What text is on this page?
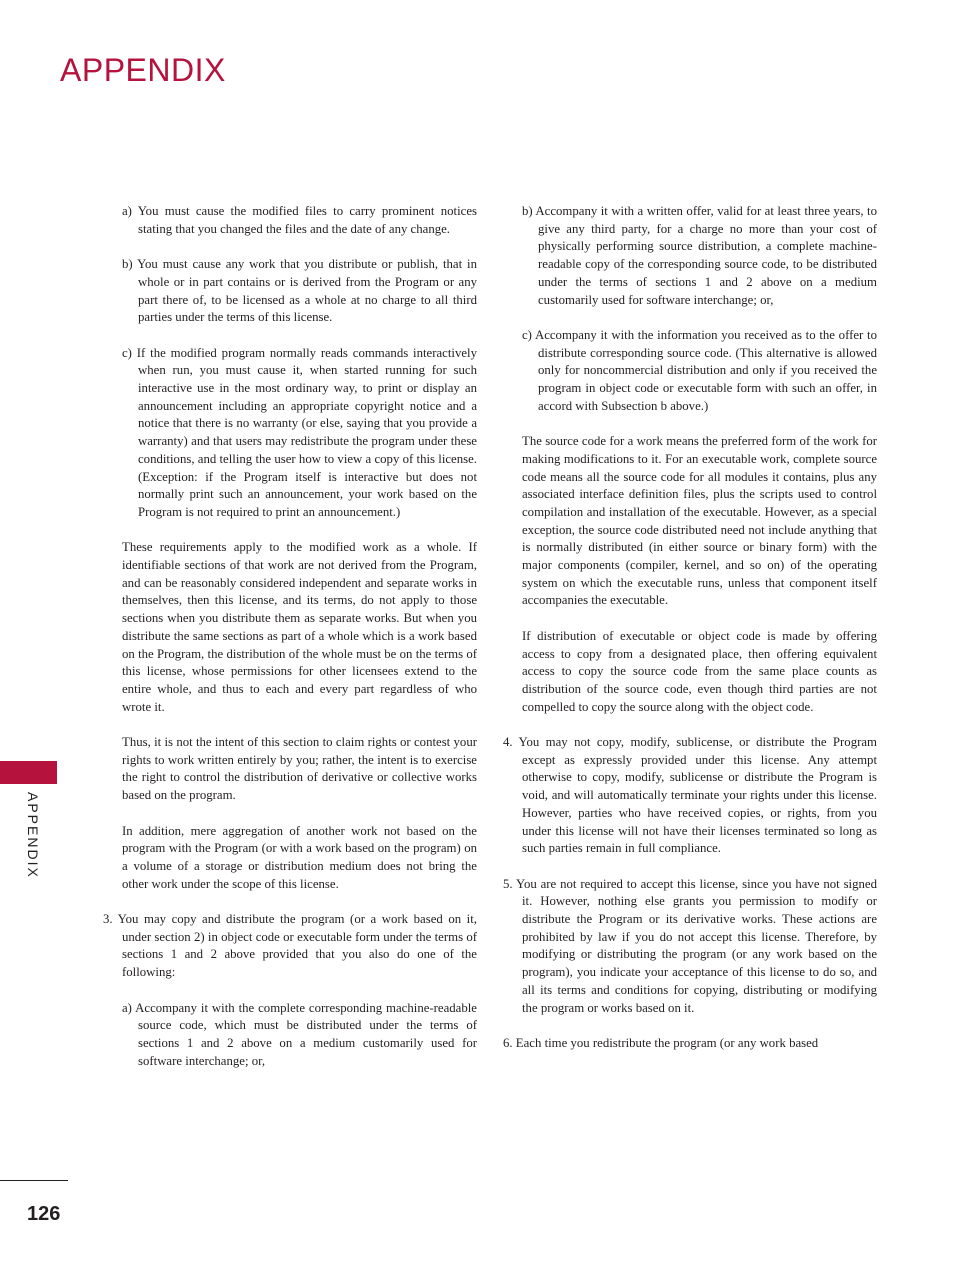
APPENDIX
APPENDIX

a) You must cause the modified files to carry prominent notices stating that you changed the files and the date of any change.

b) You must cause any work that you distribute or publish, that in whole or in part contains or is derived from the Program or any part there of, to be licensed as a whole at no charge to all third parties under the terms of this license.

c) If the modified program normally reads commands interactively when run, you must cause it, when started running for such interactive use in the most ordinary way, to print or display an announcement including an appropriate copyright notice and a notice that there is no warranty (or else, saying that you provide a warranty) and that users may redistribute the program under these conditions, and telling the user how to view a copy of this license. (Exception: if the Program itself is interactive but does not normally print such an announcement, your work based on the Program is not required to print an announcement.)

These requirements apply to the modified work as a whole. If identifiable sections of that work are not derived from the Program, and can be reasonably considered independent and separate works in themselves, then this license, and its terms, do not apply to those sections when you distribute them as separate works. But when you distribute the same sections as part of a whole which is a work based on the Program, the distribution of the whole must be on the terms of this license, whose permissions for other licensees extend to the entire whole, and thus to each and every part regardless of who wrote it.

Thus, it is not the intent of this section to claim rights or contest your rights to work written entirely by you; rather, the intent is to exercise the right to control the distribution of derivative or collective works based on the program.

In addition, mere aggregation of another work not based on the program with the Program (or with a work based on the program) on a volume of a storage or distribution medium does not bring the other work under the scope of this license.

3. You may copy and distribute the program (or a work based on it, under section 2) in object code or executable form under the terms of sections 1 and 2 above provided that you also do one of the following:

a) Accompany it with the complete corresponding machine-readable source code, which must be distributed under the terms of sections 1 and 2 above on a medium customarily used for software interchange; or,

b) Accompany it with a written offer, valid for at least three years, to give any third party, for a charge no more than your cost of physically performing source distribution, a complete machine-readable copy of the corresponding source code, to be distributed under the terms of sections 1 and 2 above on a medium customarily used for software interchange; or,

c) Accompany it with the information you received as to the offer to distribute corresponding source code. (This alternative is allowed only for noncommercial distribution and only if you received the program in object code or executable form with such an offer, in accord with Subsection b above.)

The source code for a work means the preferred form of the work for making modifications to it. For an executable work, complete source code means all the source code for all modules it contains, plus any associated interface definition files, plus the scripts used to control compilation and installation of the executable. However, as a special exception, the source code distributed need not include anything that is normally distributed (in either source or binary form) with the major components (compiler, kernel, and so on) of the operating system on which the executable runs, unless that component itself accompanies the executable.

If distribution of executable or object code is made by offering access to copy from a designated place, then offering equivalent access to copy the source code from the same place counts as distribution of the source code, even though third parties are not compelled to copy the source along with the object code.

4. You may not copy, modify, sublicense, or distribute the Program except as expressly provided under this license. Any attempt otherwise to copy, modify, sublicense or distribute the Program is void, and will automatically terminate your rights under this license. However, parties who have received copies, or rights, from you under this license will not have their licenses terminated so long as such parties remain in full compliance.

5. You are not required to accept this license, since you have not signed it. However, nothing else grants you permission to modify or distribute the Program or its derivative works. These actions are prohibited by law if you do not accept this license. Therefore, by modifying or distributing the program (or any work based on the program), you indicate your acceptance of this license to do so, and all its terms and conditions for copying, distributing or modifying the program or works based on it.

6. Each time you redistribute the program (or any work based

126
